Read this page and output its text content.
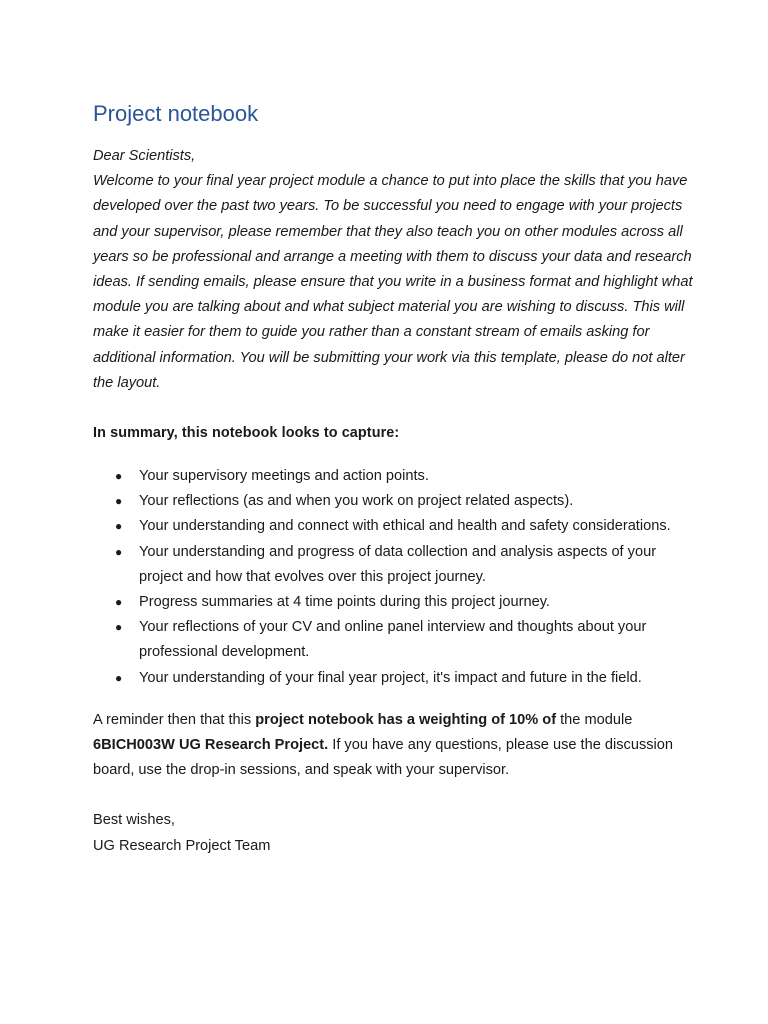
Project notebook

Dear Scientists,
Welcome to your final year project module a chance to put into place the skills that you have developed over the past two years. To be successful you need to engage with your projects and your supervisor, please remember that they also teach you on other modules across all years so be professional and arrange a meeting with them to discuss your data and research ideas. If sending emails, please ensure that you write in a business format and highlight what module you are talking about and what subject material you are wishing to discuss. This will make it easier for them to guide you rather than a constant stream of emails asking for additional information. You will be submitting your work via this template, please do not alter the layout.

In summary, this notebook looks to capture:

● Your supervisory meetings and action points.
● Your reflections (as and when you work on project related aspects).
● Your understanding and connect with ethical and health and safety considerations.
● Your understanding and progress of data collection and analysis aspects of your project and how that evolves over this project journey.
● Progress summaries at 4 time points during this project journey.
● Your reflections of your CV and online panel interview and thoughts about your professional development.
● Your understanding of your final year project, it's impact and future in the field.

A reminder then that this project notebook has a weighting of 10% of the module 6BICH003W UG Research Project. If you have any questions, please use the discussion board, use the drop-in sessions, and speak with your supervisor.

Best wishes,
UG Research Project Team
